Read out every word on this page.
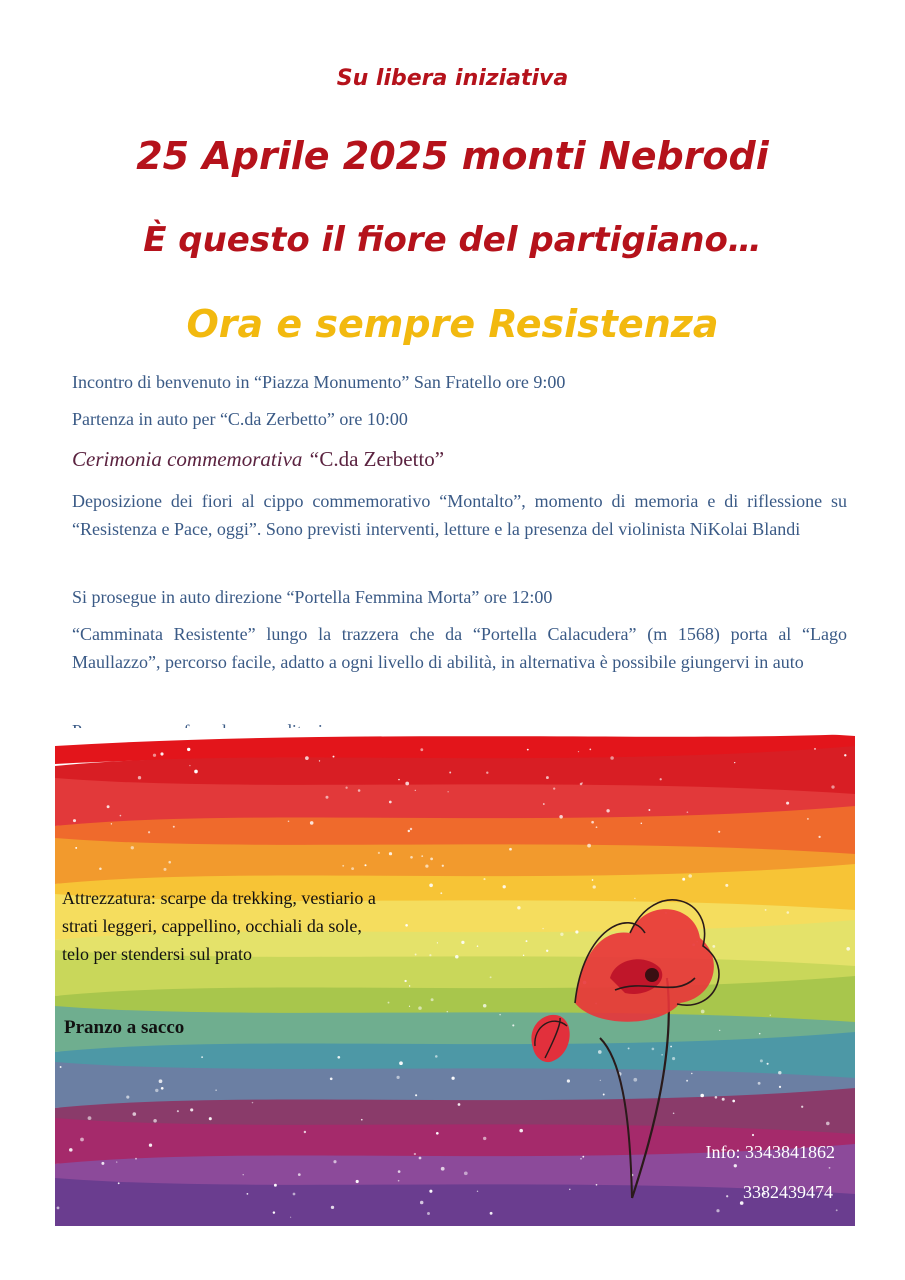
Su libera iniziativa
25 Aprile 2025 monti Nebrodi
È questo il fiore del partigiano…
Ora e sempre Resistenza

Incontro di benvenuto in “Piazza Monumento” San Fratello ore 9:00

Partenza in auto per “C.da Zerbetto” ore 10:00

Cerimonia commemorativa “C.da Zerbetto”

Deposizione dei fiori al cippo commemorativo “Montalto”, momento di memoria e di riflessione su “Resistenza e Pace, oggi”. Sono previsti interventi, letture e la presenza del violinista NiKolai Blandi

Si prosegue in auto direzione “Portella Femmina Morta” ore 12:00

“Camminata Resistente” lungo la trazzera che da “Portella Calacudera” (m 1568) porta al “Lago Maullazzo”, percorso facile, adatto a ogni livello di abilità, in alternativa è possibile giungervi in auto

Attrezzatura: scarpe da trekking, vestiario a strati leggeri, cappellino, occhiali da sole, telo per stendersi sul prato

Pranzo a sacco

Info: 3343841862

3382439474
